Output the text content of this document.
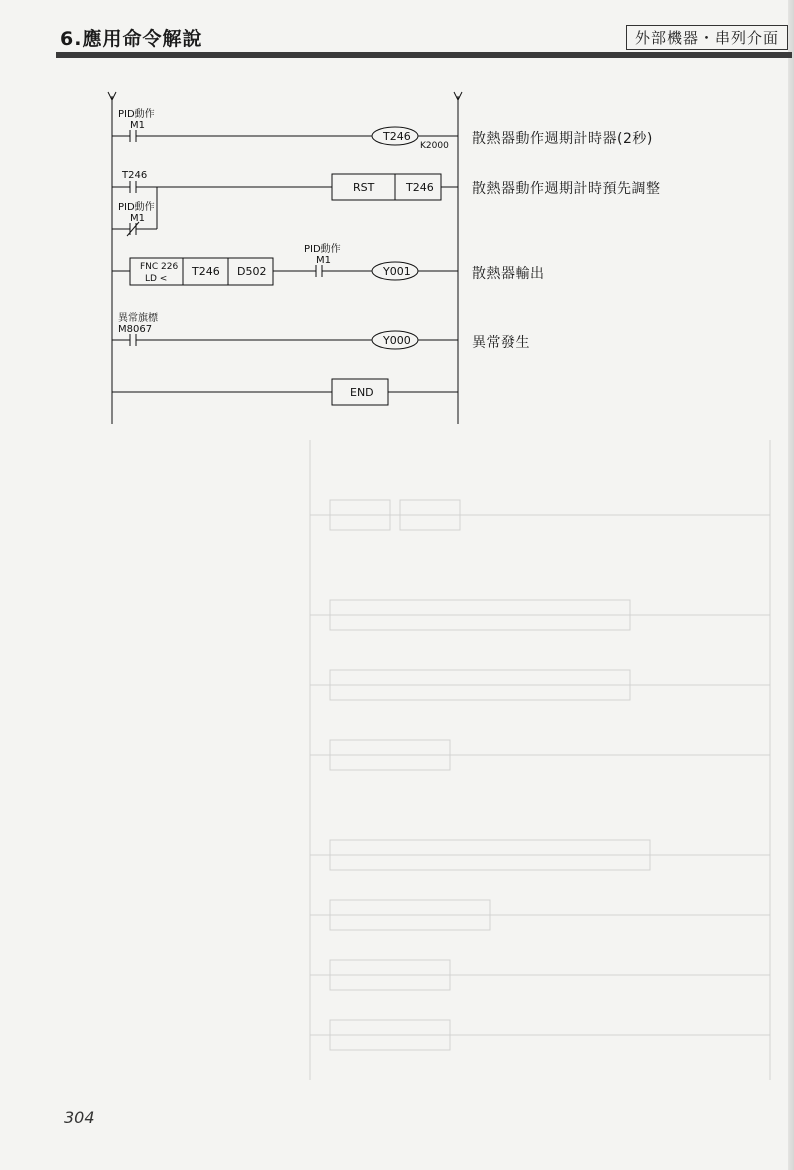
6.應用命令解說	外部機器・串列介面
PID動作
M1
T246
K2000
T246
PID動作
M1
RST	T246
FNC 226
LD <
T246 D502
PID動作
M1
Y001
異常旗標
M8067
Y000
END
散熱器動作週期計時器(2秒)
散熱器動作週期計時預先調整
散熱器輸出
異常發生
304
